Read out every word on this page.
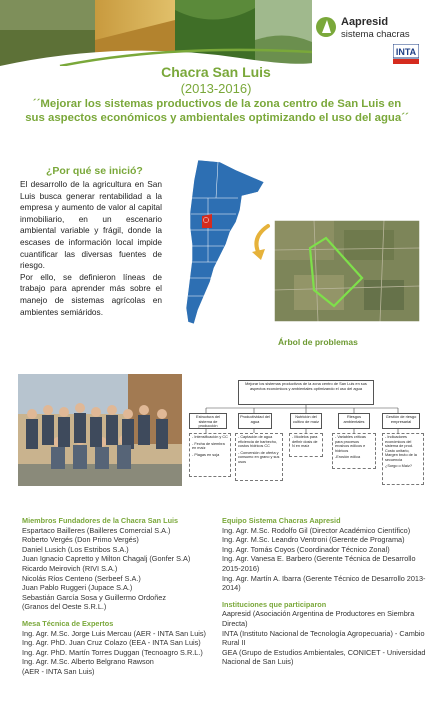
Aapresid
sistema chacras
INTA
Chacra San Luis
(2013-2016)
´´Mejorar los sistemas productivos de la zona centro de San Luis en sus aspectos económicos y ambientales optimizando el uso del agua´´
¿Por qué se inició?
El desarrollo de la agricultura en San Luis busca generar rentabilidad a la empresa y aumento de valor al capital inmobiliario, en un escenario ambiental variable y frágil, donde la escases de información local impide cuantificar las diversas fuentes de riesgo.
Por ello, se definieron líneas de trabajo para aprender más sobre el manejo de sistemas agrícolas en ambientes semiáridos.
Árbol de problemas
Mejorar los sistemas productivos de la zona centro de San Luis en sus aspectos económicos y ambientales optimizando el uso del agua
Estructura del sistema de producción
Productividad del agua
Nutrición del cultivo de maíz
Riesgos ambientales
Gestión de riesgo empresarial
- Intensificación y CC
- Fecha de siembra en maíz
- Plagas en soja
- Captación de agua eficiencia de barbecho, costos hídricos CC
- Conversión de oferta y consumo en grano y sus usos
- Modelos para definir dosis de N en maíz
- Variables críticas para procesos erosivos eólicos e hídricos
-Erosión eólica
- Indicadores económicos del sistema de prod. Costo unitario, Margen bruto de la secuencia
¿Sorgo o Maíz?
Miembros Fundadores de la Chacra San Luis
Espartaco Bailleres (Bailleres Comercial S.A.)
Roberto Vergés (Don Primo Vergés)
Daniel Lusich (Los Estribos S.A.)
Juan Ignacio Capretto y Milton Chagalj (Gonfer S.A)
Ricardo Meirovich (RIVI S.A.)
Nicolás Ríos Centeno (Serbeef S.A.)
Juan Pablo Ruggeri (Jupace S.A.)
Sebastián García Sosa y Guillermo Ordoñez
(Granos del Oeste S.R.L.)
Mesa Técnica de Expertos
Ing. Agr. M.Sc. Jorge Luis Mercau (AER - INTA San Luis)
Ing. Agr. PhD. Juan Cruz Colazo (EEA - INTA San Luis)
Ing. Agr. PhD. Martín Torres Duggan (Tecnoagro S.R.L.)
Ing. Agr. M.Sc. Alberto Belgrano Rawson
(AER - INTA San Luis)
Equipo Sistema Chacras Aapresid
Ing. Agr. M.Sc. Rodolfo Gil (Director Académico Científico)
Ing. Agr. M.Sc. Leandro Ventroni (Gerente de Programa)
Ing. Agr. Tomás Coyos (Coordinador Técnico Zonal)
Ing. Agr. Vanesa E. Barbero (Gerente Técnica de Desarrollo 2015-2016)
Ing. Agr. Martín A. Ibarra (Gerente Técnico de Desarrollo 2013-2014)
Instituciones que participaron
Aapresid (Asociación Argentina de Productores en Siembra Directa)
INTA (Instituto Nacional de Tecnología Agropecuaria) - Cambio Rural II
GEA (Grupo de Estudios Ambientales, CONICET - Universidad Nacional de San Luis)
